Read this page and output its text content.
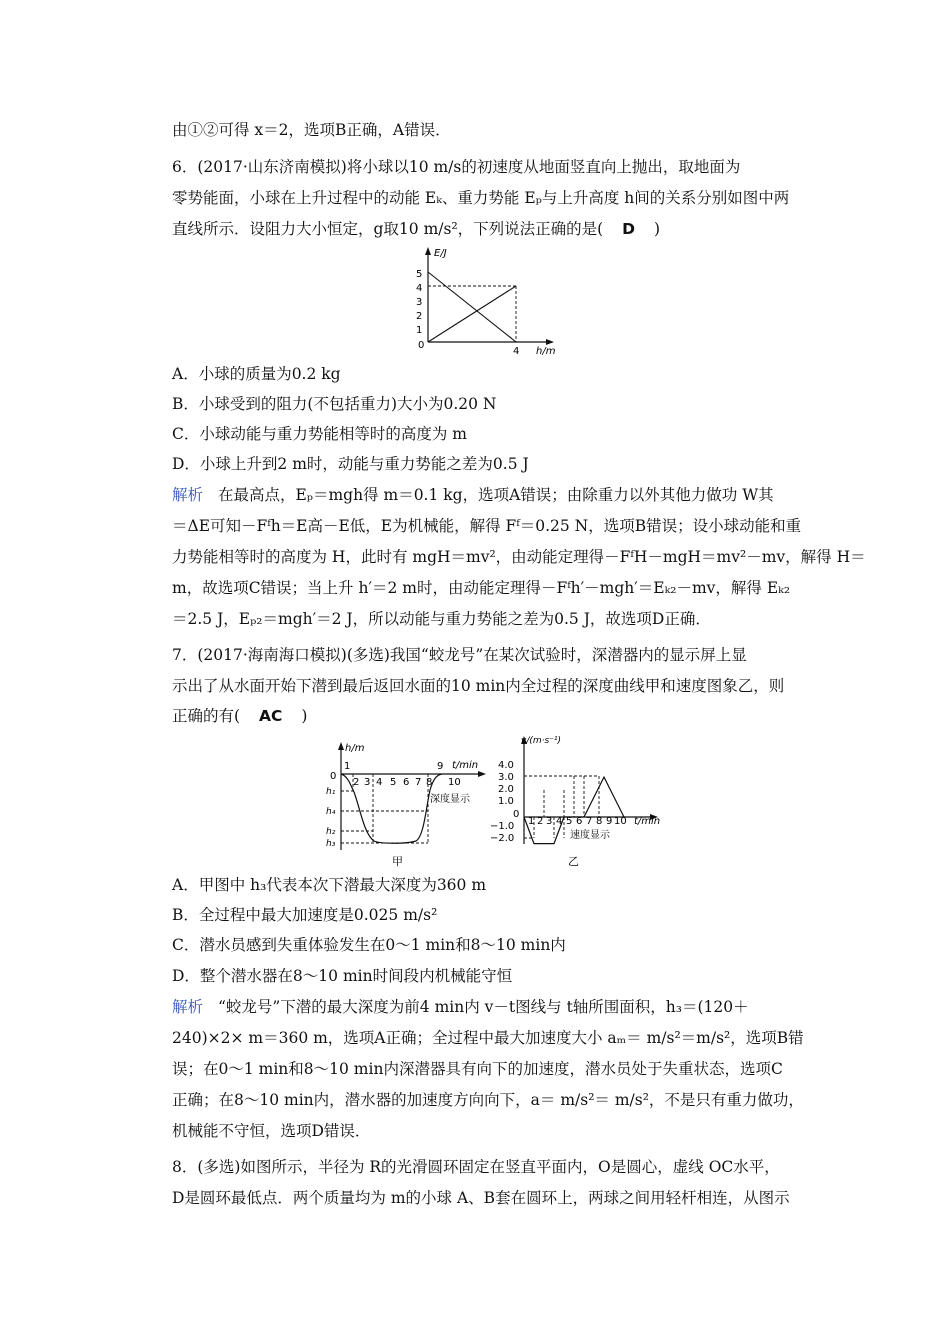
由①②可得 x＝2，选项B正确，A错误．
6．(2017·山东济南模拟)将小球以10 m/s的初速度从地面竖直向上抛出，取地面为
零势能面，小球在上升过程中的动能 Eₖ、重力势能 Eₚ与上升高度 h间的关系分别如图中两
直线所示．设阻力大小恒定，g取10 m/s²，下列说法正确的是( D )
E/J
h/m
5
4
3
2
1
0
4
A．小球的质量为0.2 kg
B．小球受到的阻力(不包括重力)大小为0.20 N
C．小球动能与重力势能相等时的高度为 m
D．小球上升到2 m时，动能与重力势能之差为0.5 J
解析 在最高点，Eₚ＝mgh得 m＝0.1 kg，选项A错误；由除重力以外其他力做功 W其
＝ΔE可知－Fᶠh＝E高－E低，E为机械能，解得 Fᶠ＝0.25 N，选项B错误；设小球动能和重
力势能相等时的高度为 H，此时有 mgH＝mv²，由动能定理得－FᶠH－mgH＝mv²－mv，解得 H＝
m，故选项C错误；当上升 h′＝2 m时，由动能定理得－Fᶠh′－mgh′＝Eₖ₂－mv，解得 Eₖ₂
＝2.5 J，Eₚ₂＝mgh′＝2 J，所以动能与重力势能之差为0.5 J，故选项D正确．
7．(2017·海南海口模拟)(多选)我国“蛟龙号”在某次试验时，深潜器内的显示屏上显
示出了从水面开始下潜到最后返回水面的10 min内全过程的深度曲线甲和速度图象乙，则
正确的有( AC )
h/m
t/min
0
1	9
2 3 4 5 6 7 8 10
h₁
h₄
h₂
h₃
深度显示
甲
v/(m·s⁻¹)
t/min
4.0
3.0
2.0
1.0
0
−1.0
−2.0
1 2 3 4 5 6 7 8 9 10
速度显示
乙
A．甲图中 h₃代表本次下潜最大深度为360 m
B．全过程中最大加速度是0.025 m/s²
C．潜水员感到失重体验发生在0～1 min和8～10 min内
D．整个潜水器在8～10 min时间段内机械能守恒
解析 “蛟龙号”下潜的最大深度为前4 min内 v－t图线与 t轴所围面积，h₃＝(120＋
240)×2× m＝360 m，选项A正确；全过程中最大加速度大小 aₘ＝ m/s²＝m/s²，选项B错
误；在0～1 min和8～10 min内深潜器具有向下的加速度，潜水员处于失重状态，选项C
正确；在8～10 min内，潜水器的加速度方向向下，a＝ m/s²＝ m/s²，不是只有重力做功，
机械能不守恒，选项D错误．
8．(多选)如图所示，半径为 R的光滑圆环固定在竖直平面内，O是圆心，虚线 OC水平，
D是圆环最低点．两个质量均为 m的小球 A、B套在圆环上，两球之间用轻杆相连，从图示
